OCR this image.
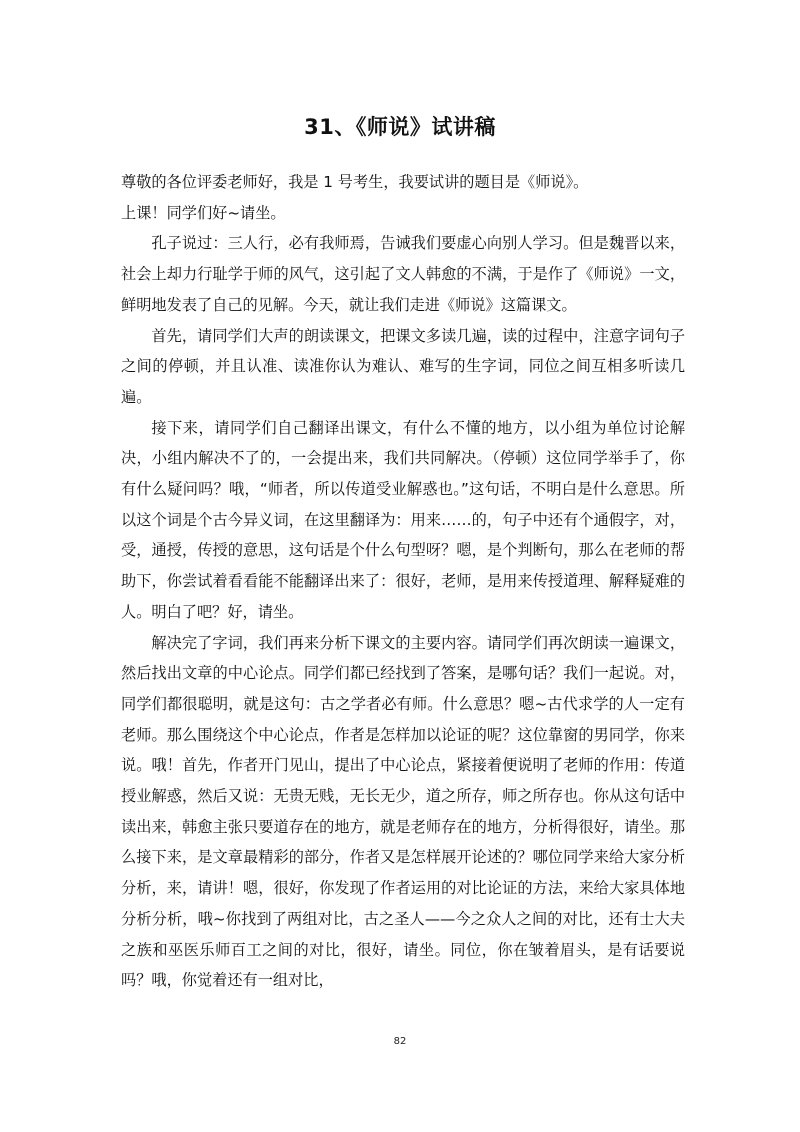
31、《师说》试讲稿

尊敬的各位评委老师好，我是 1 号考生，我要试讲的题目是《师说》。

上课！同学们好~请坐。

孔子说过：三人行，必有我师焉，告诫我们要虚心向别人学习。但是魏晋以来，社会上却力行耻学于师的风气，这引起了文人韩愈的不满，于是作了《师说》一文，鲜明地发表了自己的见解。今天，就让我们走进《师说》这篇课文。

首先，请同学们大声的朗读课文，把课文多读几遍，读的过程中，注意字词句子之间的停顿，并且认准、读准你认为难认、难写的生字词，同位之间互相多听读几遍。

接下来，请同学们自己翻译出课文，有什么不懂的地方，以小组为单位讨论解决，小组内解决不了的，一会提出来，我们共同解决。（停顿）这位同学举手了，你有什么疑问吗？哦，“师者，所以传道受业解惑也。”这句话，不明白是什么意思。所以这个词是个古今异义词，在这里翻译为：用来……的，句子中还有个通假字，对，受，通授，传授的意思，这句话是个什么句型呀？嗯，是个判断句，那么在老师的帮助下，你尝试着看看能不能翻译出来了：很好，老师，是用来传授道理、解释疑难的人。明白了吧？好，请坐。

解决完了字词，我们再来分析下课文的主要内容。请同学们再次朗读一遍课文，然后找出文章的中心论点。同学们都已经找到了答案，是哪句话？我们一起说。对，同学们都很聪明，就是这句：古之学者必有师。什么意思？嗯~古代求学的人一定有老师。那么围绕这个中心论点，作者是怎样加以论证的呢？这位靠窗的男同学，你来说。哦！首先，作者开门见山，提出了中心论点，紧接着便说明了老师的作用：传道授业解惑，然后又说：无贵无贱，无长无少，道之所存，师之所存也。你从这句话中读出来，韩愈主张只要道存在的地方，就是老师存在的地方，分析得很好，请坐。那么接下来，是文章最精彩的部分，作者又是怎样展开论述的？哪位同学来给大家分析分析，来，请讲！嗯，很好，你发现了作者运用的对比论证的方法，来给大家具体地分析分析，哦~你找到了两组对比，古之圣人——今之众人之间的对比，还有士大夫之族和巫医乐师百工之间的对比，很好，请坐。同位，你在皱着眉头，是有话要说吗？哦，你觉着还有一组对比，

82
